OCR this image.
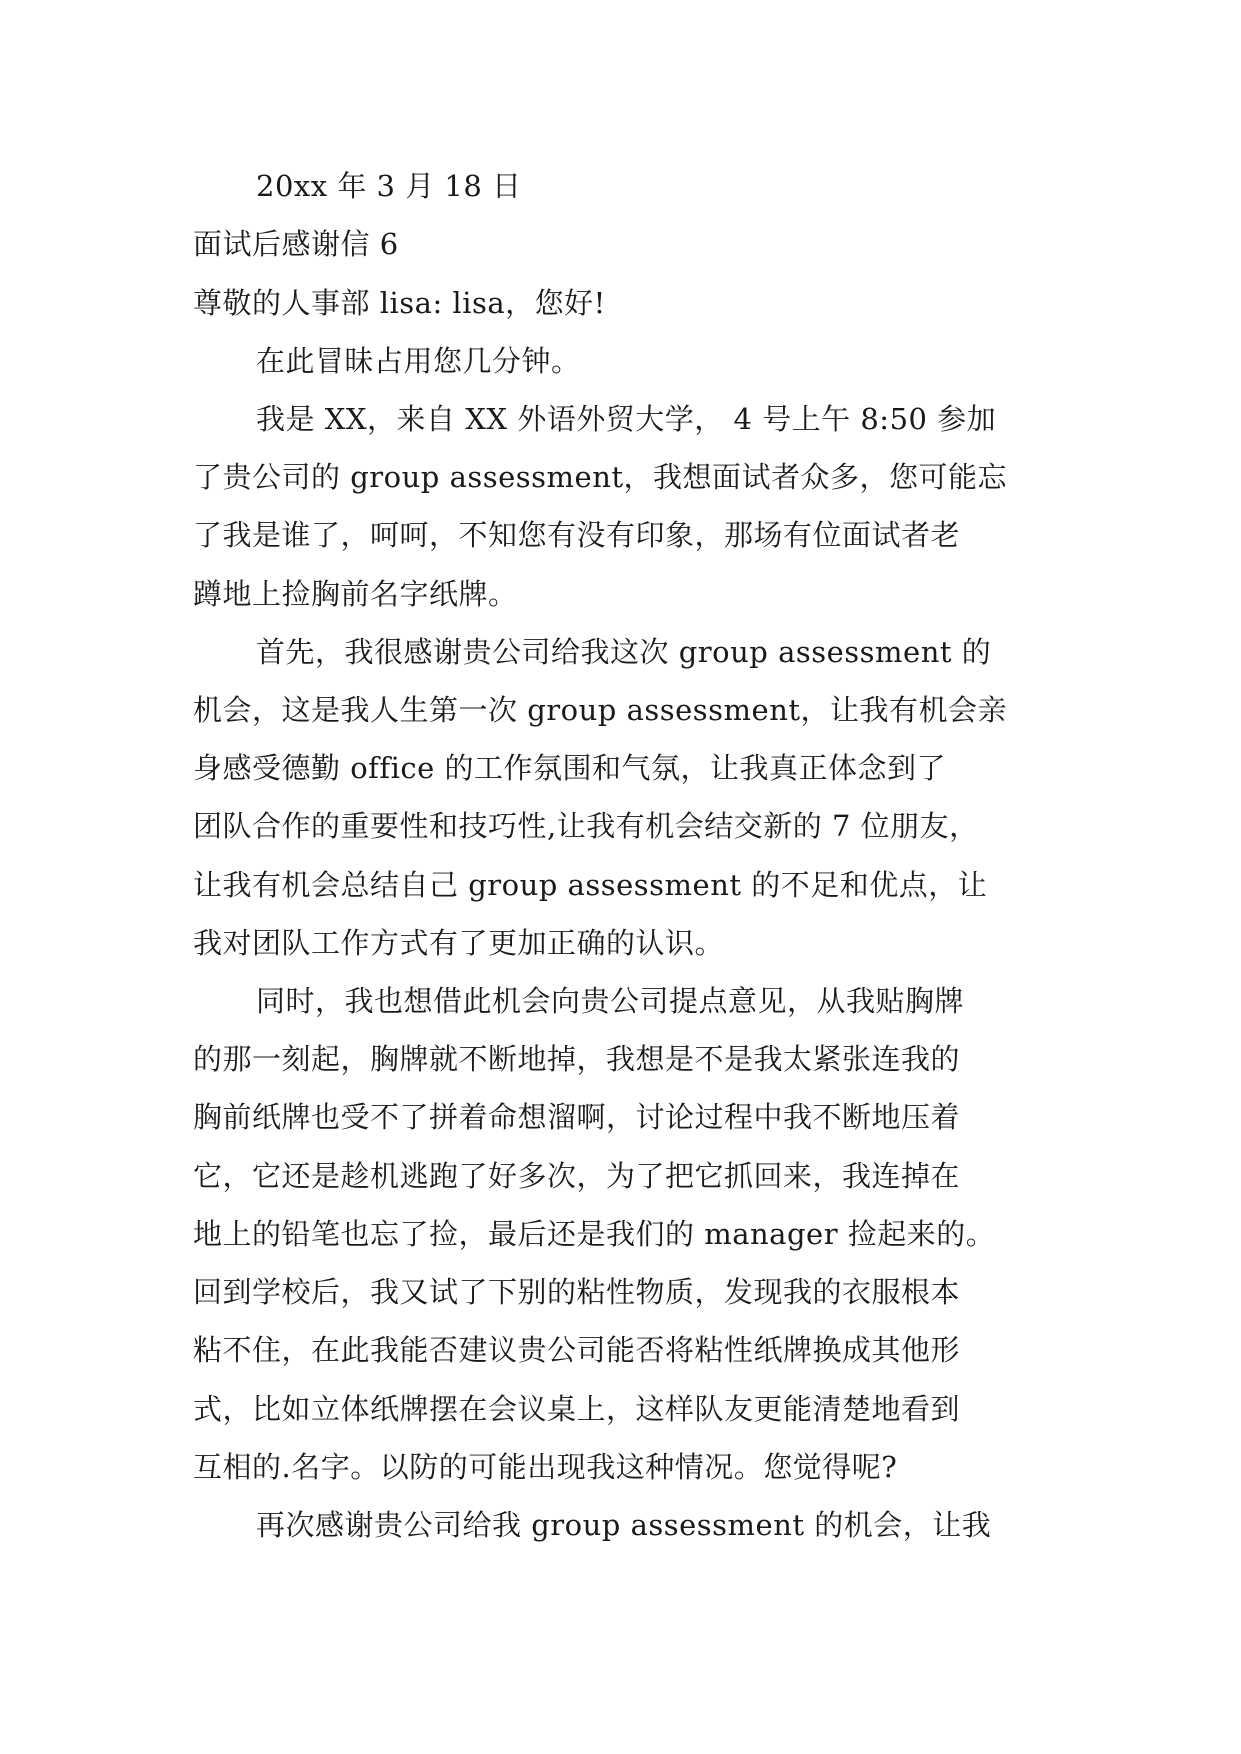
20xx 年 3 月 18 日
面试后感谢信 6
尊敬的人事部 lisa: lisa，您好!
在此冒昧占用您几分钟。
我是 XX，来自 XX 外语外贸大学， 4 号上午 8:50 参加
了贵公司的 group assessment，我想面试者众多，您可能忘
了我是谁了，呵呵，不知您有没有印象，那场有位面试者老
蹲地上捡胸前名字纸牌。
首先，我很感谢贵公司给我这次 group assessment 的
机会，这是我人生第一次 group assessment，让我有机会亲
身感受德勤 office 的工作氛围和气氛，让我真正体念到了
团队合作的重要性和技巧性,让我有机会结交新的 7 位朋友，
让我有机会总结自己 group assessment 的不足和优点，让
我对团队工作方式有了更加正确的认识。
同时，我也想借此机会向贵公司提点意见，从我贴胸牌
的那一刻起，胸牌就不断地掉，我想是不是我太紧张连我的
胸前纸牌也受不了拼着命想溜啊，讨论过程中我不断地压着
它，它还是趁机逃跑了好多次，为了把它抓回来，我连掉在
地上的铅笔也忘了捡，最后还是我们的 manager 捡起来的。
回到学校后，我又试了下别的粘性物质，发现我的衣服根本
粘不住，在此我能否建议贵公司能否将粘性纸牌换成其他形
式，比如立体纸牌摆在会议桌上，这样队友更能清楚地看到
互相的.名字。以防的可能出现我这种情况。您觉得呢?
再次感谢贵公司给我 group assessment 的机会，让我
